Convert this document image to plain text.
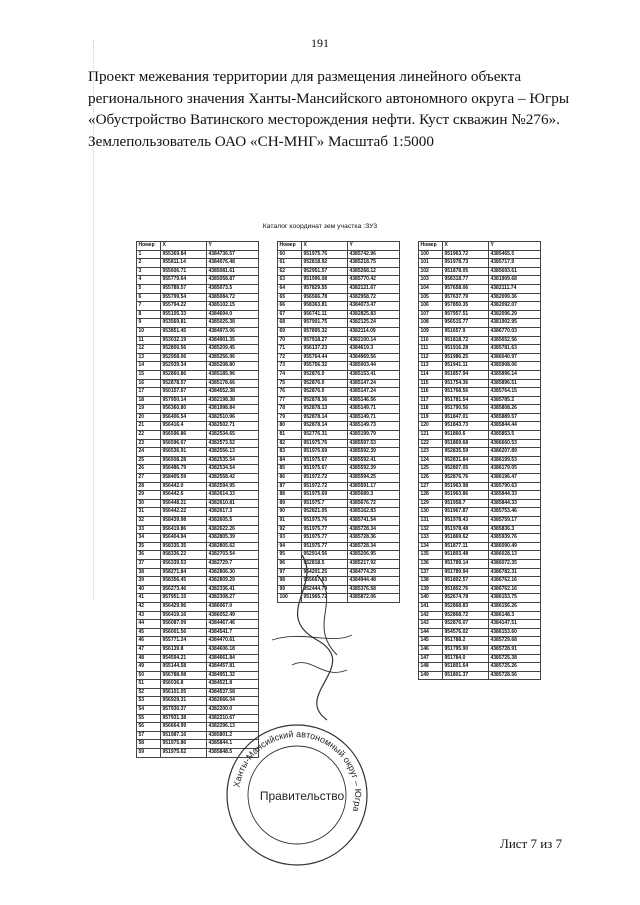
191
Проект межевания территории для размещения линейного объекта
регионального значения Ханты-Мансийского автономного округа – Югры
«Обустройство Ватинского месторождения нефти. Куст скважин №276».
Землепользователь ОАО «СН-МНГ» Масштаб 1:5000
Каталог координат зем участка :ЗУ3
Номер	X	Y
1	955369.84	4384736.57
2	955811.14	4384076.48
3	955606.71	4385081.61
4	955779.64	4385058.87
5	955789.57	4385073.5
6	955799.54	4385084.72
7	955794.22	4385102.15
8	955105.33	4384694.0
9	953569.81	4385025.38
10	953851.45	4384973.06
11	953032.19	4384901.35
12	952800.56	4385209.45
13	952958.06	4385256.96
14	952939.34	4385208.80
15	952860.86	4385185.96
16	952878.57	4385178.66
17	950157.67	4384552.38
18	957950.14	4382198.38
19	956360.80	4381998.84
20	956406.54	4382510.96
21	956416.4	4382502.71
22	956596.86	4382534.65
23	956596.67	4382573.52
24	956536.91	4382556.13
25	956508.28	4382535.54
26	956486.79	4382534.54
27	958405.59	4382558.42
28	956442.0	4382594.95
29	956442.6	4382614.33
30	956448.21	4382610.81
31	956442.22	4382617.3
32	958439.98	4382605.5
33	956419.86	4382622.26
34	956404.94	4382805.39
35	958335.35	4382805.62
36	958336.22	4382703.54
37	956339.53	4382729.7
38	958271.84	4382806.30
39	958356.45	4382809.29
40	956273.46	4382336.41
41	957951.15	4382308.27
42	956429.96	4386067.0
43	956419.16	4386052.49
44	956087.09	4384467.46
45	956001.56	4384541.7
46	955771.24	4384470.61
47	956139.8	4384606.18
48	954594.21	4384661.84
49	955144.58	4384457.81
50	956788.08	4384951.32
51	956036.8	4384521.8
52	956101.05	4384537.58
53	956929.31	4382666.04
54	957930.37	4382200.0
55	957931.38	4382210.67
56	956664.99	4382296.13
57	951987.16	4385801.2
58	951975.86	4385844.1
59	951975.62	4385848.5
Номер	X	Y
60	951975.76	4385742.96
61	952818.92	4385218.75
62	952951.57	4385268.12
63	951996.08	4385770.42
64	957829.55	4382121.67
65	956566.78	4382958.72
66	958363.81	4384073.47
67	956741.11	4382825.83
68	957901.75	4382125.24
69	957895.32	4382114.09
70	957918.27	4382100.14
71	956137.23	4384619.3
72	955764.44	4384969.56
73	955756.32	4385003.44
74	952876.0	4385153.41
75	952876.0	4385147.24
76	952876.0	4385147.24
77	952878.36	4385146.56
78	952878.13	4385149.71
79	952878.14	4385149.71
80	952878.14	4385149.73
81	952776.31	4385199.79
82	951975.76	4385597.53
83	951976.69	4385592.39
84	951975.67	4385592.41
85	951975.67	4385592.39
86	951972.72	4385594.25
87	951972.72	4385591.17
88	951975.69	4385689.3
89	951975.7	4385676.72
90	952821.05	4385162.83
91	951975.76	4385741.54
92	951975.77	4385728.34
93	951975.77	4385728.36
94	951975.77	4385728.34
95	952914.56	4385206.95
96	952818.5	4385217.92
97	954201.25	4384774.29
98	955667.83	4384944.48
99	952444.79	4385376.58
100	951965.72	4385872.06
Номер	X	Y
100	951963.72	4385465.5
101	951978.73	4385717.9
102	951878.05	4385693.61
103	958318.77	4381909.68
104	957658.06	4382111.74
105	957637.79	4382099.36
106	957850.35	4382092.07
107	957957.51	4382096.29
108	956515.77	4381902.95
109	951657.9	4386770.03
110	951818.72	4385652.56
111	951916.28	4385781.63
112	951986.25	4386040.97
113	951941.11	4385908.06
114	951857.94	4385896.14
115	951754.36	4385896.51
116	951768.56	4385764.15
117	951781.54	4385785.2
118	951790.56	4385808.26
119	951847.01	4385889.57
120	951843.73	4385844.44
121	951860.6	4385853.5
122	951869.68	4386660.53
123	952835.59	4386207.89
124	952831.84	4386199.53
125	952807.05	4386179.05
126	952876.76	4386196.47
127	951963.98	4385790.63
128	951963.86	4385844.33
129	951958.7	4385844.33
130	951967.87	4385753.46
131	951978.43	4385759.17
132	951978.48	4385836.3
133	951869.62	4385939.76
134	951877.11	4386090.49
135	951803.48	4386028.13
136	951789.14	4386072.35
137	951789.94	4386782.31
138	951802.57	4386762.16
139	951802.76	4386762.16
140	952674.78	4386153.75
141	952868.83	4386156.26
142	952868.72	4386148.3
143	952876.07	4384147.51
144	954576.02	4386153.60
145	951788.2	4385729.68
146	951795.90	4385728.91
147	951784.0	4385725.38
148	951801.64	4385725.26
149	951801.37	4385728.56
Ханты-Мансийский автономный округ – Югра
Правительство
Лист 7 из 7
